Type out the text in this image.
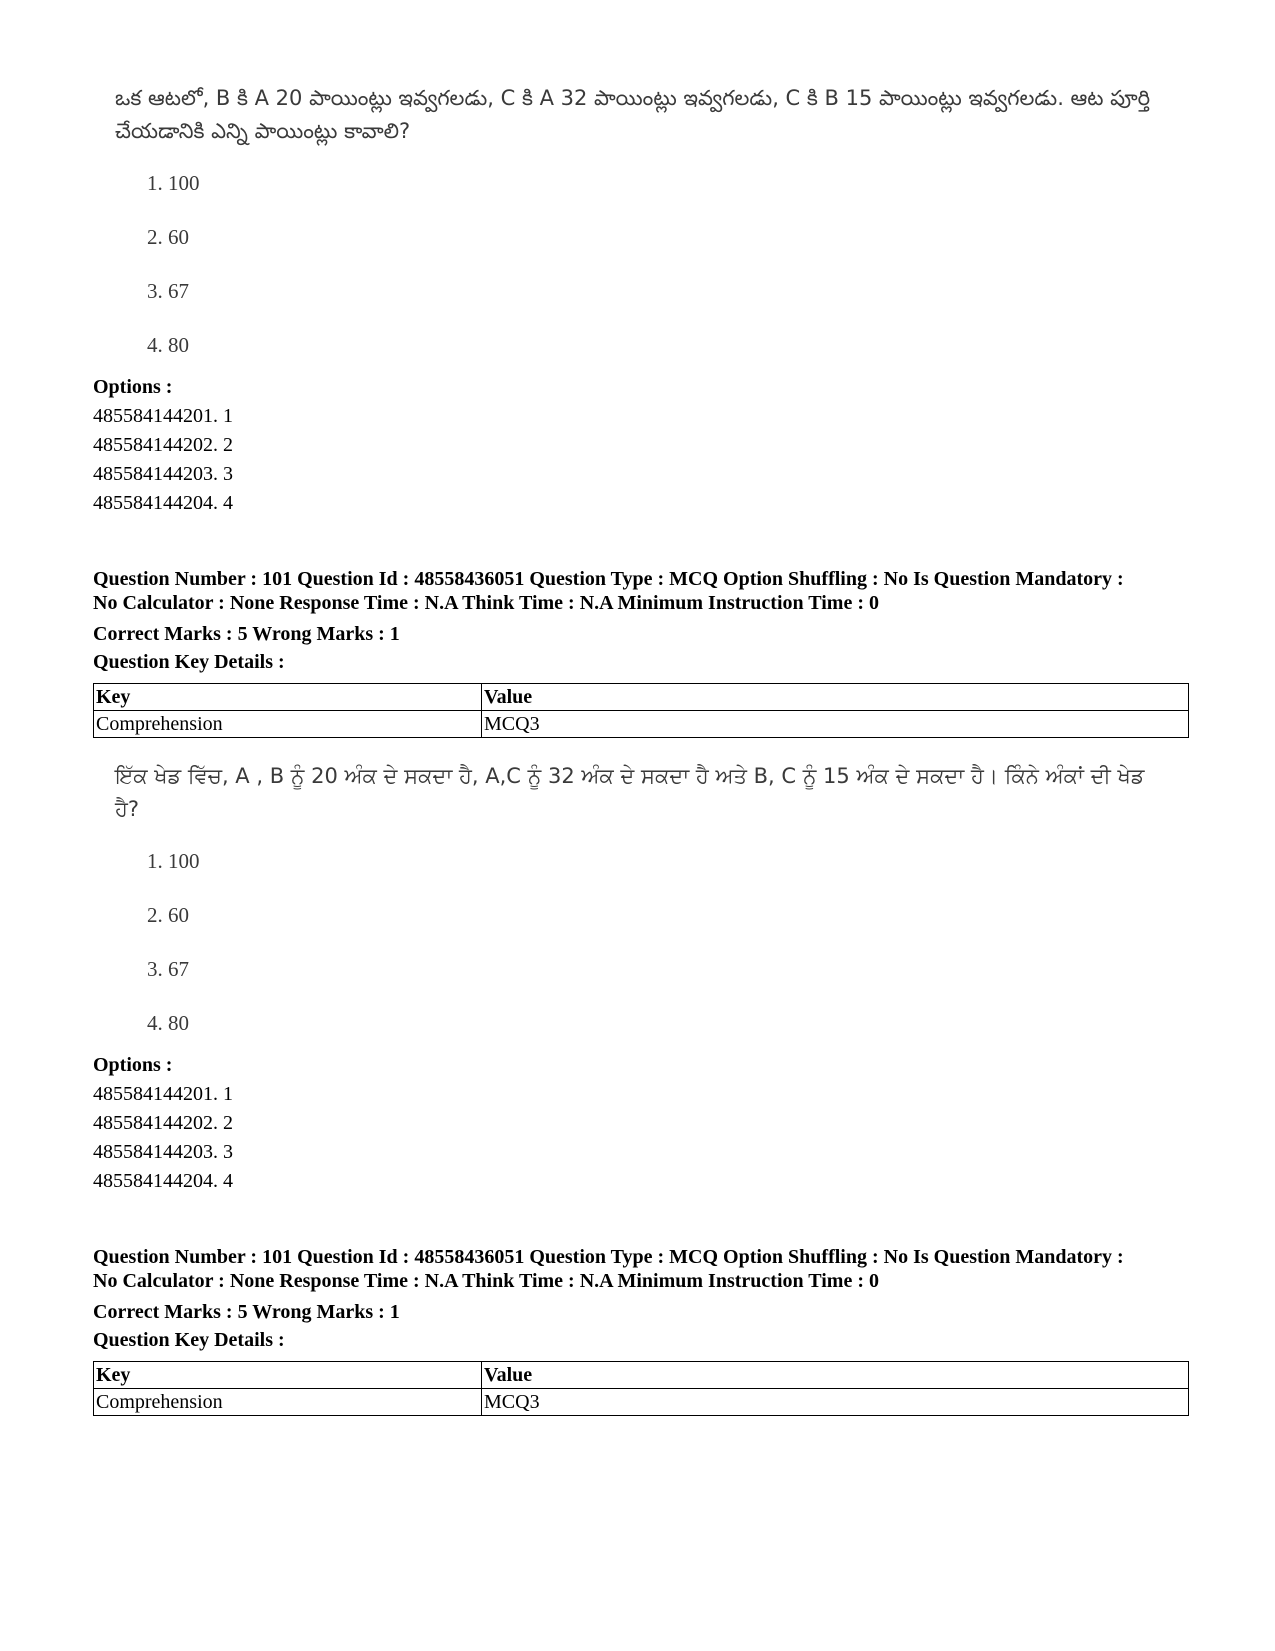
ఒక ఆటలో, B కి A 20 పాయింట్లు ఇవ్వగలడు, C కి A 32 పాయింట్లు ఇవ్వగలడు, C కి B 15 పాయింట్లు ఇవ్వగలడు. ఆట పూర్తి చేయడానికి ఎన్ని పాయింట్లు కావాలి?

1. 100
2. 60
3. 67
4. 80
Options :
485584144201. 1
485584144202. 2
485584144203. 3
485584144204. 4
Question Number : 101 Question Id : 48558436051 Question Type : MCQ Option Shuffling : No Is Question Mandatory :
No Calculator : None Response Time : N.A Think Time : N.A Minimum Instruction Time : 0
Correct Marks : 5 Wrong Marks : 1
Question Key Details :
Key	Value
Comprehension	MCQ3

ਇੱਕ ਖੇਡ ਵਿੱਚ, A , B ਨੂੰ 20 ਅੰਕ ਦੇ ਸਕਦਾ ਹੈ, A,C ਨੂੰ 32 ਅੰਕ ਦੇ ਸਕਦਾ ਹੈ ਅਤੇ B, C ਨੂੰ 15 ਅੰਕ ਦੇ ਸਕਦਾ ਹੈ। ਕਿੰਨੇ ਅੰਕਾਂ ਦੀ ਖੇਡ ਹੈ?

1. 100
2. 60
3. 67
4. 80
Options :
485584144201. 1
485584144202. 2
485584144203. 3
485584144204. 4
Question Number : 101 Question Id : 48558436051 Question Type : MCQ Option Shuffling : No Is Question Mandatory :
No Calculator : None Response Time : N.A Think Time : N.A Minimum Instruction Time : 0
Correct Marks : 5 Wrong Marks : 1
Question Key Details :
Key	Value
Comprehension	MCQ3
